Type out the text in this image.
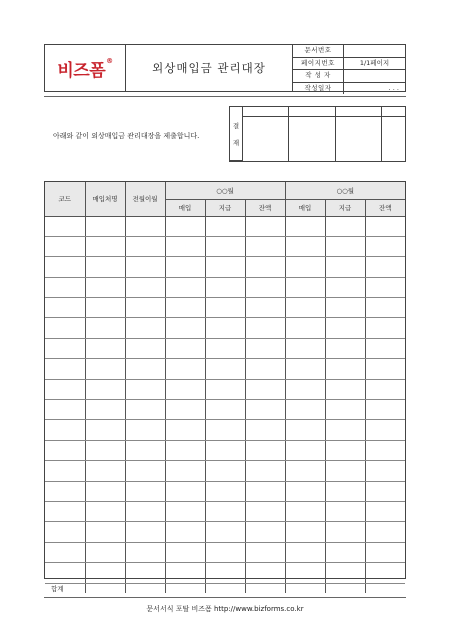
비즈폼®
외상매입금 관리대장
문서번호	
페이지번호	1/1페이지
작 성 자	
작성일자	. . .
아래와 같이 외상매입금 관리대장을 제출합니다.
결
재				

코드	매입처명	전월이월	○○월			○○월		
			매입	지급	잔액	매입	지급	잔액

합계								
문서서식 포탈 비즈폼 http://www.bizforms.co.kr
